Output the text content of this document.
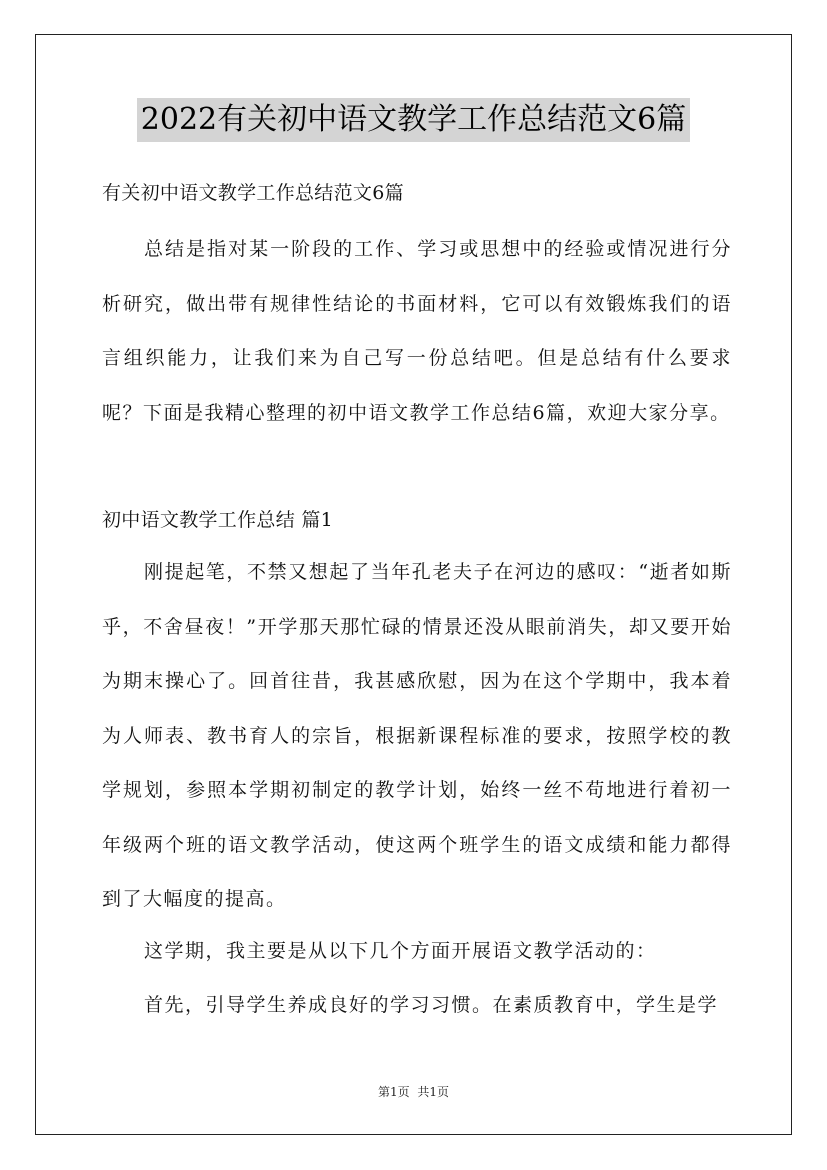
2022有关初中语文教学工作总结范文6篇
有关初中语文教学工作总结范文6篇
总结是指对某一阶段的工作、学习或思想中的经验或情况进行分析研究，做出带有规律性结论的书面材料，它可以有效锻炼我们的语言组织能力，让我们来为自己写一份总结吧。但是总结有什么要求呢？下面是我精心整理的初中语文教学工作总结6篇，欢迎大家分享。
初中语文教学工作总结 篇1
刚提起笔，不禁又想起了当年孔老夫子在河边的感叹：“逝者如斯乎，不舍昼夜！”开学那天那忙碌的情景还没从眼前消失，却又要开始为期末操心了。回首往昔，我甚感欣慰，因为在这个学期中，我本着为人师表、教书育人的宗旨，根据新课程标准的要求，按照学校的教学规划，参照本学期初制定的教学计划，始终一丝不苟地进行着初一年级两个班的语文教学活动，使这两个班学生的语文成绩和能力都得到了大幅度的提高。
这学期，我主要是从以下几个方面开展语文教学活动的：
首先，引导学生养成良好的学习习惯。在素质教育中，学生是学
第1页 共1页
